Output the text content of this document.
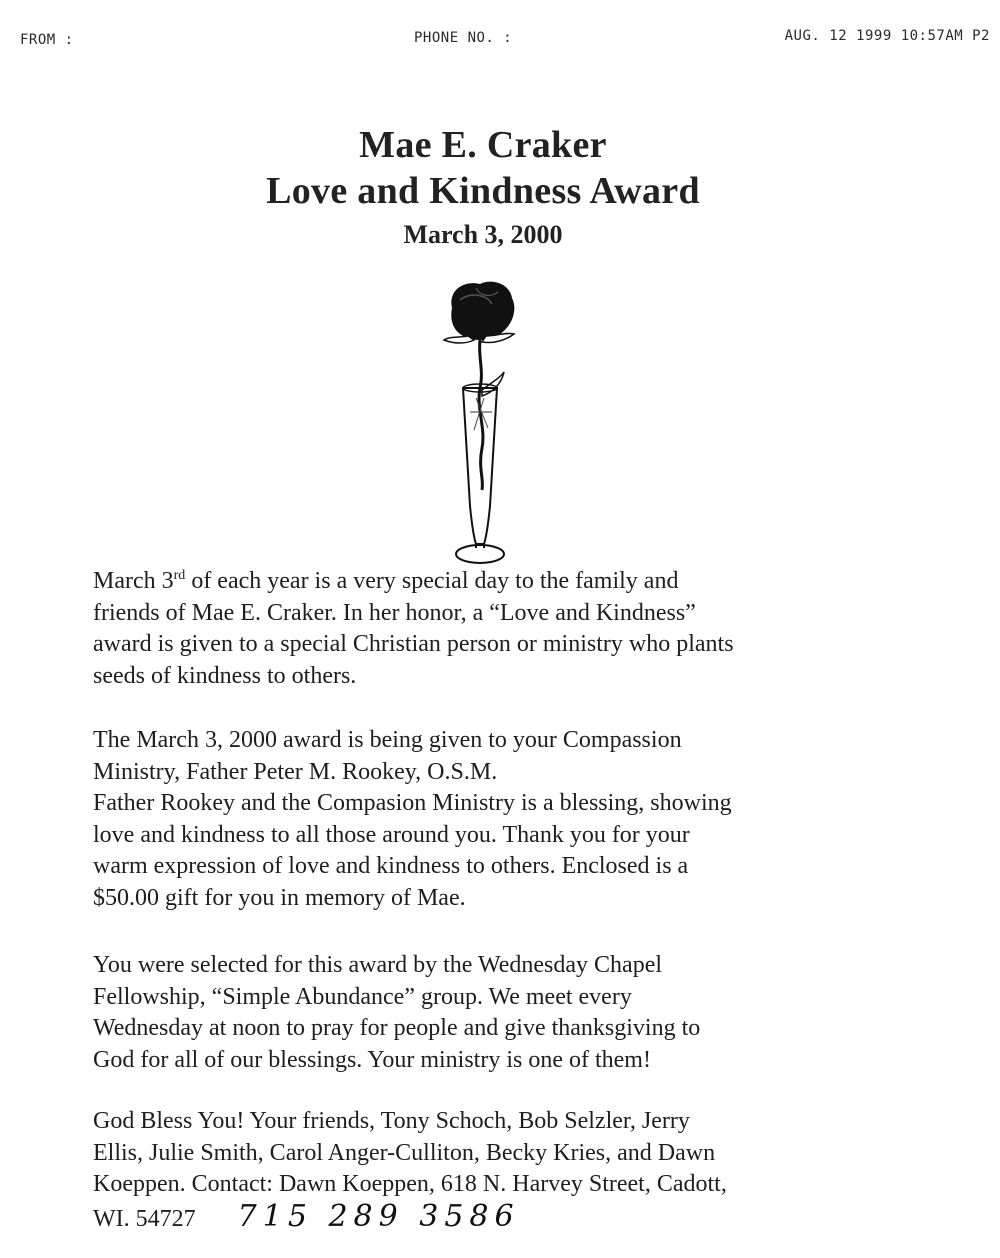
FROM :	PHONE NO. :	AUG. 12 1999 10:57AM P2
Mae E. Craker
Love and Kindness Award
March 3, 2000
March 3rd of each year is a very special day to the family and
friends of Mae E. Craker. In her honor, a “Love and Kindness”
award is given to a special Christian person or ministry who plants
seeds of kindness to others.
The March 3, 2000 award is being given to your Compassion
Ministry, Father Peter M. Rookey, O.S.M.
Father Rookey and the Compasion Ministry is a blessing, showing
love and kindness to all those around you. Thank you for your
warm expression of love and kindness to others. Enclosed is a
$50.00 gift for you in memory of Mae.
You were selected for this award by the Wednesday Chapel
Fellowship, “Simple Abundance” group. We meet every
Wednesday at noon to pray for people and give thanksgiving to
God for all of our blessings. Your ministry is one of them!
God Bless You! Your friends, Tony Schoch, Bob Selzler, Jerry
Ellis, Julie Smith, Carol Anger-Culliton, Becky Kries, and Dawn
Koeppen. Contact: Dawn Koeppen, 618 N. Harvey Street, Cadott,
WI. 54727 715 289 3586
